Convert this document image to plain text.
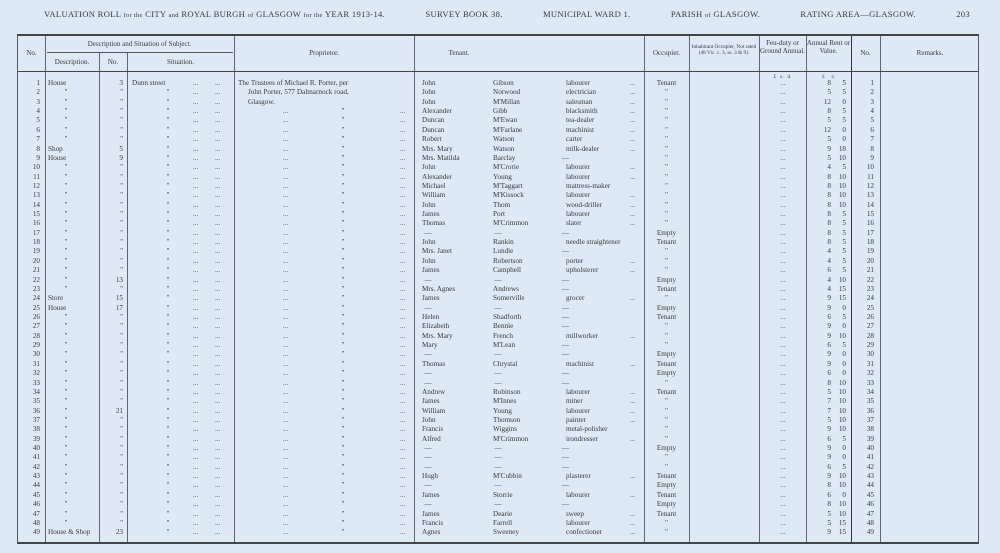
VALUATION ROLL for the CITY and ROYAL BURGH of GLASGOW for the YEAR 1913-14.	SURVEY BOOK 38.	MUNICIPAL WARD 1.	PARISH of GLASGOW.	RATING AREA—GLASGOW.	203
No.
Description and Situation of Subject.
Description.	No.	Situation.
Proprietor.	Tenant.	Occupier.
Inhabitant Occupier, Not rated (48 Vic. c. 3, ss. 3 & 9).
Feu-duty or Ground Annual.
Annual Rent or Value.	No.	Remarks.
£   s.   d.	£     s.
1 House	3 Dunn street	... ... The Trustees of Michael R. Porter, per	John	Gibson	labourer	...	Tenant	...	8	5	1
2	"	"	"	... ...	John Porter, 577 Dalmarnock road,	John	Norwood	electrician	...	"	...	5	5	2
3	"	"	"	... ...	Glasgow.	John	M'Millan	salesman	...	"	...	12	0	3
4	"	"	"	... ...	...	"	... Alexander	Gibb	blacksmith	...	"	...	8	5	4
5	"	"	"	... ...	...	"	... Duncan	M'Ewan	tea-dealer	...	"	...	5	5	5
6	"	"	"	... ...	...	"	... Duncan	M'Farlane	machinist	...	"	...	12	0	6
7	"	"	"	... ...	...	"	... Robert	Watson	carter	...	"	...	5	0	7
8 Shop	5	"	... ...	...	"	... Mrs. Mary	Watson	milk-dealer	...	"	...	9	18	8
9 House	9	"	... ...	...	"	... Mrs. Matilda	Barclay	—	"	...	5	10	9
10	"	"	"	... ...	...	"	... John	M'Crorie	labourer	...	"	...	4	5	10
11	"	"	"	... ...	...	"	... Alexander	Young	labourer	...	"	...	8	10	11
12	"	"	"	... ...	...	"	... Michael	M'Taggart	mattress-maker	"	...	8	10	12
13	"	"	"	... ...	...	"	... William	M'Kissock	labourer	...	"	...	8	10	13
14	"	"	"	... ...	...	"	... John	Thom	wood-driller	...	"	...	8	10	14
15	"	"	"	... ...	...	"	... James	Port	labourer	...	"	...	8	5	15
16	"	"	"	... ...	...	"	... Thomas	M'Crimmon	slater	...	"	...	8	5	16
17	"	"	"	... ...	...	"	...	—	—	—	Empty	...	8	5	17
18	"	"	"	... ...	...	"	... John	Rankin	needle straightener	Tenant	...	8	5	18
19	"	"	"	... ...	...	"	... Mrs. Janet	Lundie	—	"	...	4	5	19
20	"	"	"	... ...	...	"	... John	Robertson	porter	...	"	...	4	5	20
21	"	"	"	... ...	...	"	... James	Campbell	upholsterer	...	"	...	6	5	21
22	"	13	"	... ...	...	"	...	—	—	—	Empty	...	4	10	22
23	"	"	"	... ...	...	"	... Mrs. Agnes	Andrews	—	Tenant	...	4	15	23
24 Store	15	"	... ...	...	"	... James	Somerville	grocer	...	"	...	9	15	24
25 House	17	"	... ...	...	"	...	—	—	—	Empty	...	9	0	25
26	"	"	"	... ...	...	"	... Helen	Shadforth	—	Tenant	...	6	5	26
27	"	"	"	... ...	...	"	... Elizabeth	Bennie	—	"	...	9	0	27
28	"	"	"	... ...	...	"	... Mrs. Mary	French	millworker	...	"	...	9	10	28
29	"	"	"	... ...	...	"	... Mary	M'Lean	—	"	...	6	5	29
30	"	"	"	... ...	...	"	...	—	—	—	Empty	...	9	0	30
31	"	"	"	... ...	...	"	... Thomas	Chrystal	machinist	...	Tenant	...	9	0	31
32	"	"	"	... ...	...	"	...	—	—	—	Empty	...	6	0	32
33	"	"	"	... ...	...	"	...	—	—	—	"	...	8	10	33
34	"	"	"	... ...	...	"	... Andrew	Robinson	labourer	...	Tenant	...	5	10	34
35	"	"	"	... ...	...	"	... James	M'Innes	miner	...	"	...	7	10	35
36	"	21	"	... ...	...	"	... William	Young	labourer	...	"	...	7	10	36
37	"	"	"	... ...	...	"	... John	Thomson	painter	...	"	...	5	10	37
38	"	"	"	... ...	...	"	... Francis	Wiggins	metal-polisher	"	...	9	10	38
39	"	"	"	... ...	...	"	... Alfred	M'Crimmon	irondresser	...	"	...	6	5	39
40	"	"	"	... ...	...	"	...	—	—	—	Empty	...	9	0	40
41	"	"	"	... ...	...	"	...	—	—	—	"	...	9	0	41
42	"	"	"	... ...	...	"	...	—	—	—	"	...	6	5	42
43	"	"	"	... ...	...	"	... Hugh	M'Cubbin	plasterer	...	Tenant	...	9	10	43
44	"	"	"	... ...	...	"	...	—	—	—	Empty	...	8	10	44
45	"	"	"	... ...	...	"	... James	Storrie	labourer	...	Tenant	...	6	0	45
46	"	"	"	... ...	...	"	...	—	—	—	Empty	...	8	10	46
47	"	"	"	... ...	...	"	... James	Dearie	sweep	...	Tenant	...	5	10	47
48	"	"	"	... ...	...	"	... Francis	Farrell	labourer	...	"	...	5	15	48
49 House & Shop	23	"	... ...	...	"	... Agnes	Sweeney	confectioner	...	"	...	9	15	49
